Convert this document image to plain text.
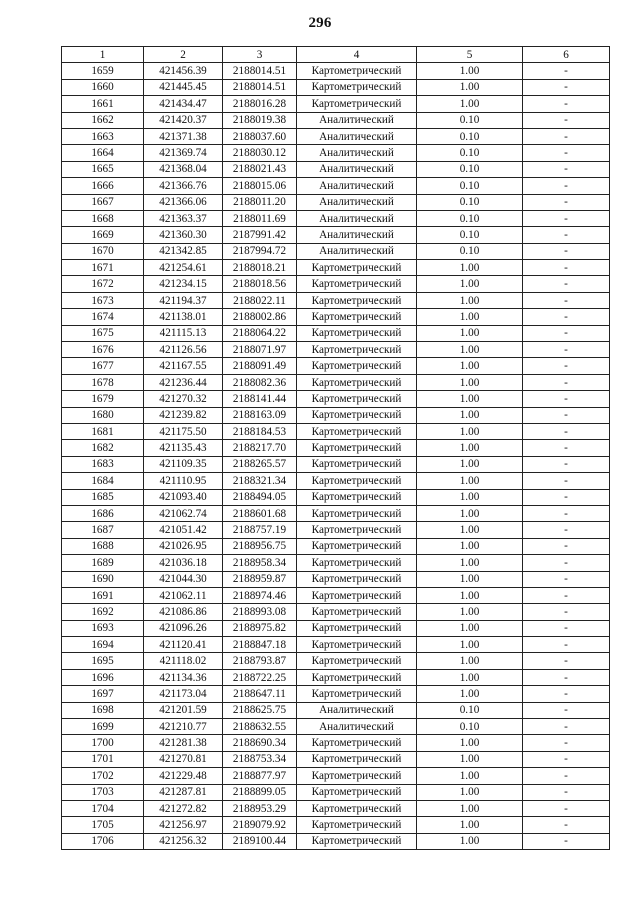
296
1	2	3	4	5	6
1659	421456.39	2188014.51	Картометрический	1.00	-
1660	421445.45	2188014.51	Картометрический	1.00	-
1661	421434.47	2188016.28	Картометрический	1.00	-
1662	421420.37	2188019.38	Аналитический	0.10	-
1663	421371.38	2188037.60	Аналитический	0.10	-
1664	421369.74	2188030.12	Аналитический	0.10	-
1665	421368.04	2188021.43	Аналитический	0.10	-
1666	421366.76	2188015.06	Аналитический	0.10	-
1667	421366.06	2188011.20	Аналитический	0.10	-
1668	421363.37	2188011.69	Аналитический	0.10	-
1669	421360.30	2187991.42	Аналитический	0.10	-
1670	421342.85	2187994.72	Аналитический	0.10	-
1671	421254.61	2188018.21	Картометрический	1.00	-
1672	421234.15	2188018.56	Картометрический	1.00	-
1673	421194.37	2188022.11	Картометрический	1.00	-
1674	421138.01	2188002.86	Картометрический	1.00	-
1675	421115.13	2188064.22	Картометрический	1.00	-
1676	421126.56	2188071.97	Картометрический	1.00	-
1677	421167.55	2188091.49	Картометрический	1.00	-
1678	421236.44	2188082.36	Картометрический	1.00	-
1679	421270.32	2188141.44	Картометрический	1.00	-
1680	421239.82	2188163.09	Картометрический	1.00	-
1681	421175.50	2188184.53	Картометрический	1.00	-
1682	421135.43	2188217.70	Картометрический	1.00	-
1683	421109.35	2188265.57	Картометрический	1.00	-
1684	421110.95	2188321.34	Картометрический	1.00	-
1685	421093.40	2188494.05	Картометрический	1.00	-
1686	421062.74	2188601.68	Картометрический	1.00	-
1687	421051.42	2188757.19	Картометрический	1.00	-
1688	421026.95	2188956.75	Картометрический	1.00	-
1689	421036.18	2188958.34	Картометрический	1.00	-
1690	421044.30	2188959.87	Картометрический	1.00	-
1691	421062.11	2188974.46	Картометрический	1.00	-
1692	421086.86	2188993.08	Картометрический	1.00	-
1693	421096.26	2188975.82	Картометрический	1.00	-
1694	421120.41	2188847.18	Картометрический	1.00	-
1695	421118.02	2188793.87	Картометрический	1.00	-
1696	421134.36	2188722.25	Картометрический	1.00	-
1697	421173.04	2188647.11	Картометрический	1.00	-
1698	421201.59	2188625.75	Аналитический	0.10	-
1699	421210.77	2188632.55	Аналитический	0.10	-
1700	421281.38	2188690.34	Картометрический	1.00	-
1701	421270.81	2188753.34	Картометрический	1.00	-
1702	421229.48	2188877.97	Картометрический	1.00	-
1703	421287.81	2188899.05	Картометрический	1.00	-
1704	421272.82	2188953.29	Картометрический	1.00	-
1705	421256.97	2189079.92	Картометрический	1.00	-
1706	421256.32	2189100.44	Картометрический	1.00	-
